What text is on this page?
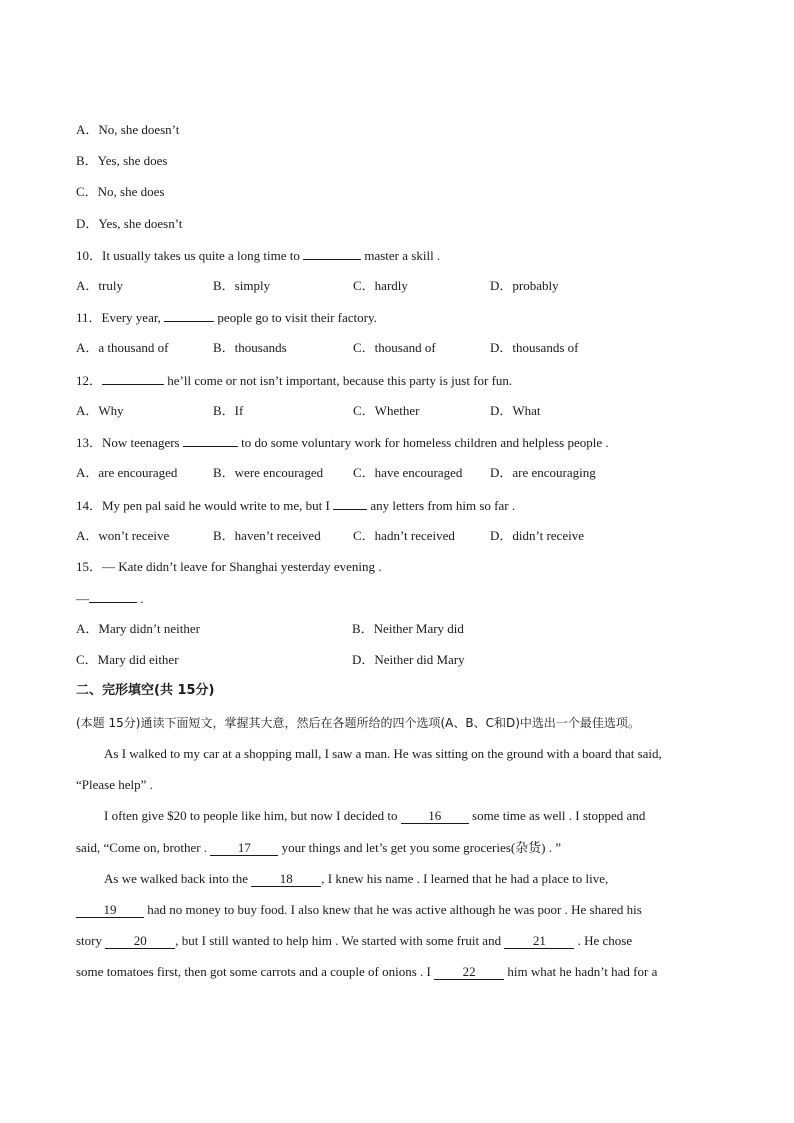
A．No, she doesn’t
B．Yes, she does
C．No, she does
D．Yes, she doesn’t
10．It usually takes us quite a long time to	master a skill .
A．truly	B．simply	C．hardly	D．probably
11．Every year,	people go to visit their factory.
A．a thousand of	B．thousands	C．thousand of	D．thousands of
12．	he’ll come or not isn’t important, because this party is just for fun.
A．Why	B．If	C．Whether	D．What
13．Now teenagers	to do some voluntary work for homeless children and helpless people .
A．are encouraged	B．were encouraged C．have encouraged D．are encouraging
14．My pen pal said he would write to me, but I	any letters from him so far .
A．won’t receive	B．haven’t received C．hadn’t received	D．didn’t receive
15．— Kate didn’t leave for Shanghai yesterday evening .
—	.
A．Mary didn’t neither	B．Neither Mary did
C．Mary did either	D．Neither did Mary
二、完形填空(共 15分)
(本题 15分)通读下面短文，掌握其大意，然后在各题所给的四个选项(A、B、C和D)中选出一个最佳选项。
As I walked to my car at a shopping mall, I saw a man. He was sitting on the ground with a board that said,
“Please help” .
I often give $20 to people like him, but now I decided to 16 some time as well . I stopped and
said, “Come on, brother . 17 your things and let’s get you some groceries(杂货) . ”
As we walked back into the 18 , I knew his name . I learned that he had a place to live,
19 had no money to buy food. I also knew that he was active although he was poor . He shared his
story 20 , but I still wanted to help him . We started with some fruit and 21 . He chose
some tomatoes first, then got some carrots and a couple of onions . I 22 him what he hadn’t had for a
